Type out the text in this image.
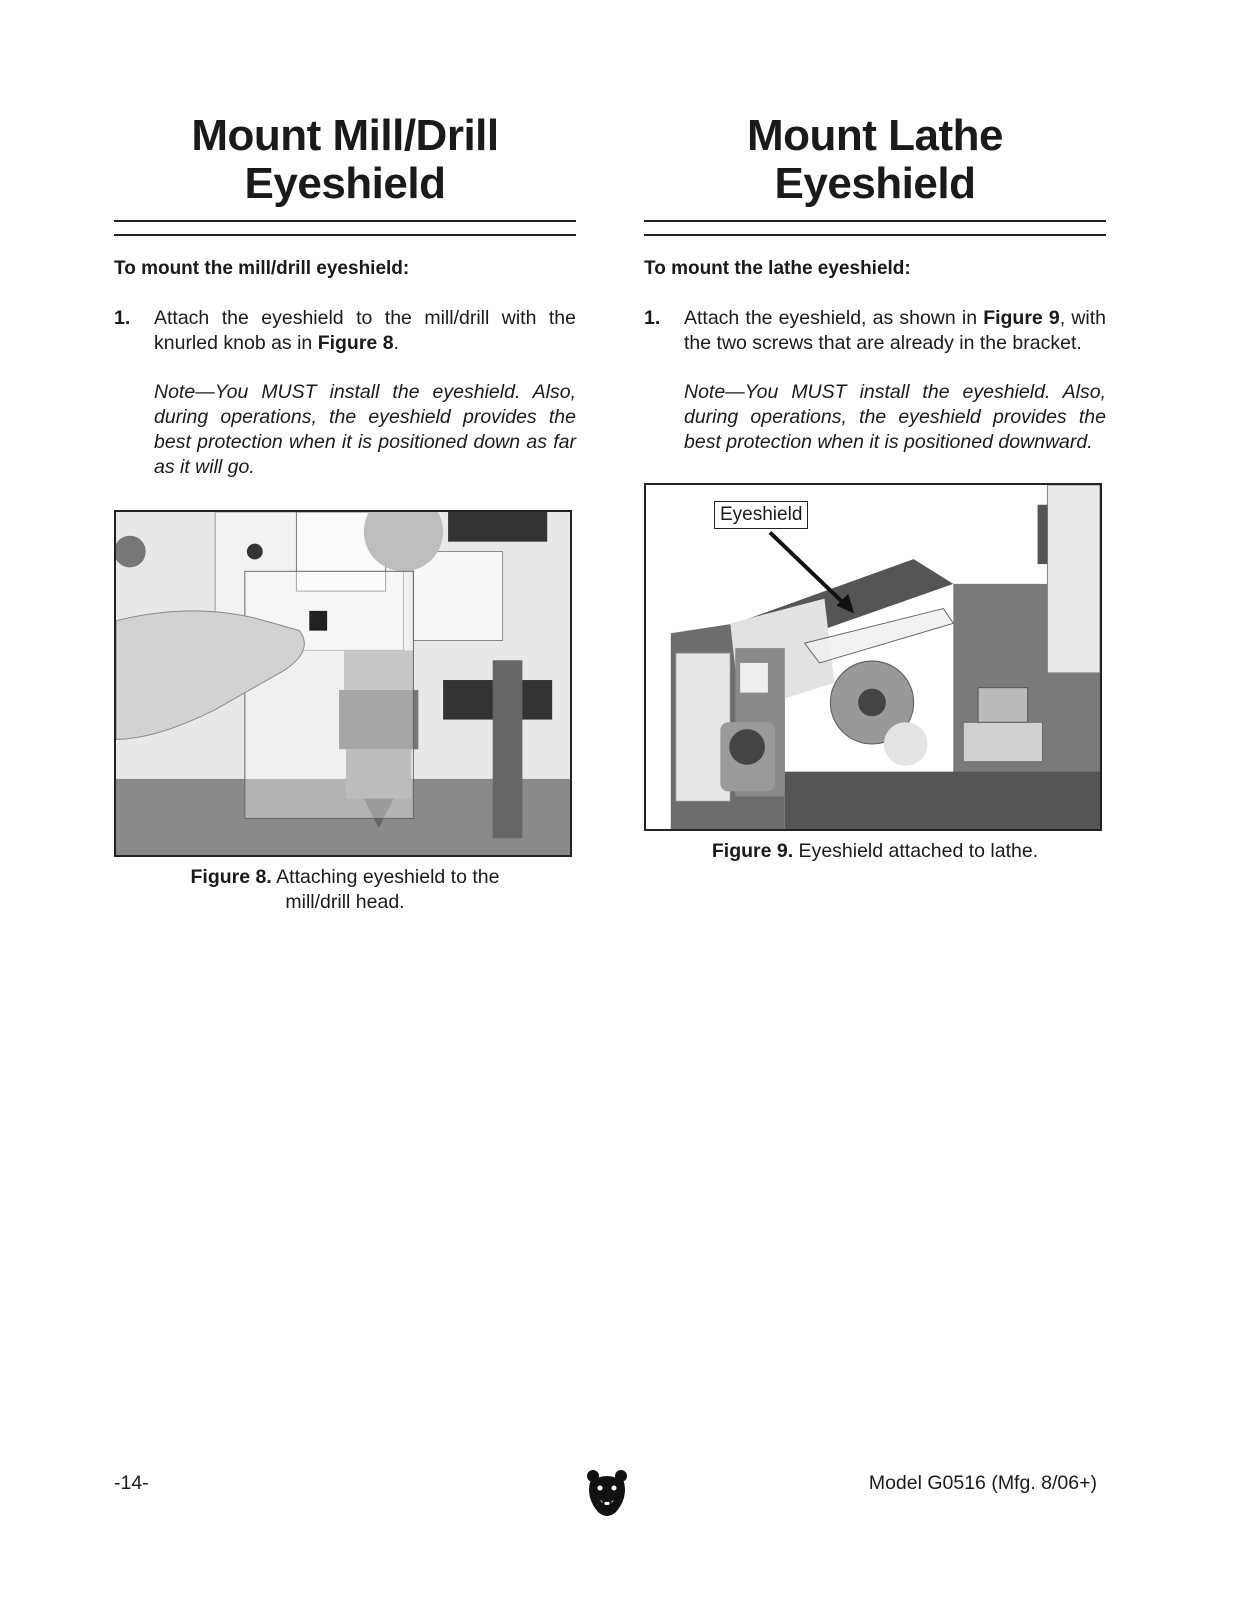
Mount Mill/Drill
Eyeshield
To mount the mill/drill eyeshield:
1.	Attach the eyeshield to the mill/drill with the knurled knob as in Figure 8.
Note—You MUST install the eyeshield. Also, during operations, the eyeshield provides the best protection when it is positioned down as far as it will go.
Figure 8. Attaching eyeshield to the
mill/drill head.
Mount Lathe
Eyeshield
To mount the lathe eyeshield:
1.	Attach the eyeshield, as shown in Figure 9, with the two screws that are already in the bracket.
Note—You MUST install the eyeshield. Also, during operations, the eyeshield provides the best protection when it is positioned downward.
Eyeshield
Figure 9. Eyeshield attached to lathe.
-14-	Model G0516 (Mfg. 8/06+)
